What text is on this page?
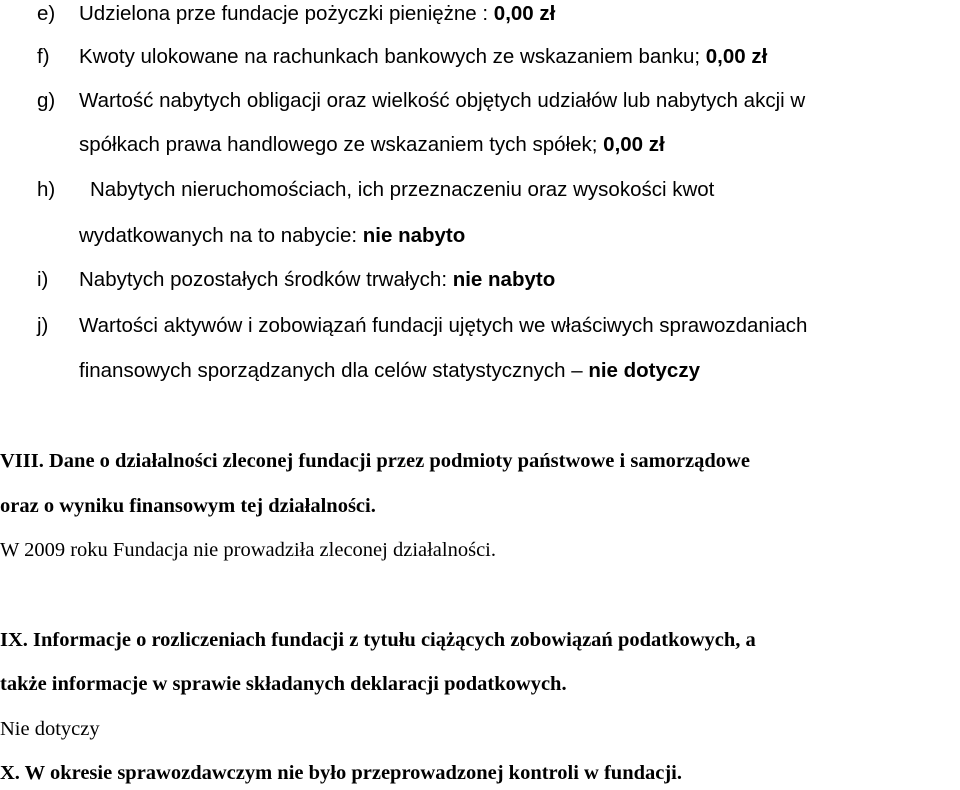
e) Udzielona prze fundacje pożyczki pieniężne : 0,00 zł
f) Kwoty ulokowane na rachunkach bankowych ze wskazaniem banku; 0,00 zł
g) Wartość nabytych obligacji oraz wielkość objętych udziałów lub nabytych akcji w
spółkach prawa handlowego ze wskazaniem tych spółek; 0,00 zł
h) Nabytych nieruchomościach, ich przeznaczeniu oraz wysokości kwot
wydatkowanych na to nabycie: nie nabyto
i) Nabytych pozostałych środków trwałych: nie nabyto
j) Wartości aktywów i zobowiązań fundacji ujętych we właściwych sprawozdaniach
finansowych sporządzanych dla celów statystycznych – nie dotyczy
VIII. Dane o działalności zleconej fundacji przez podmioty państwowe i samorządowe
oraz o wyniku finansowym tej działalności.
W 2009 roku Fundacja nie prowadziła zleconej działalności.
IX. Informacje o rozliczeniach fundacji z tytułu ciążących zobowiązań podatkowych, a
także informacje w sprawie składanych deklaracji podatkowych.
Nie dotyczy
X. W okresie sprawozdawczym nie było przeprowadzonej kontroli w fundacji.
